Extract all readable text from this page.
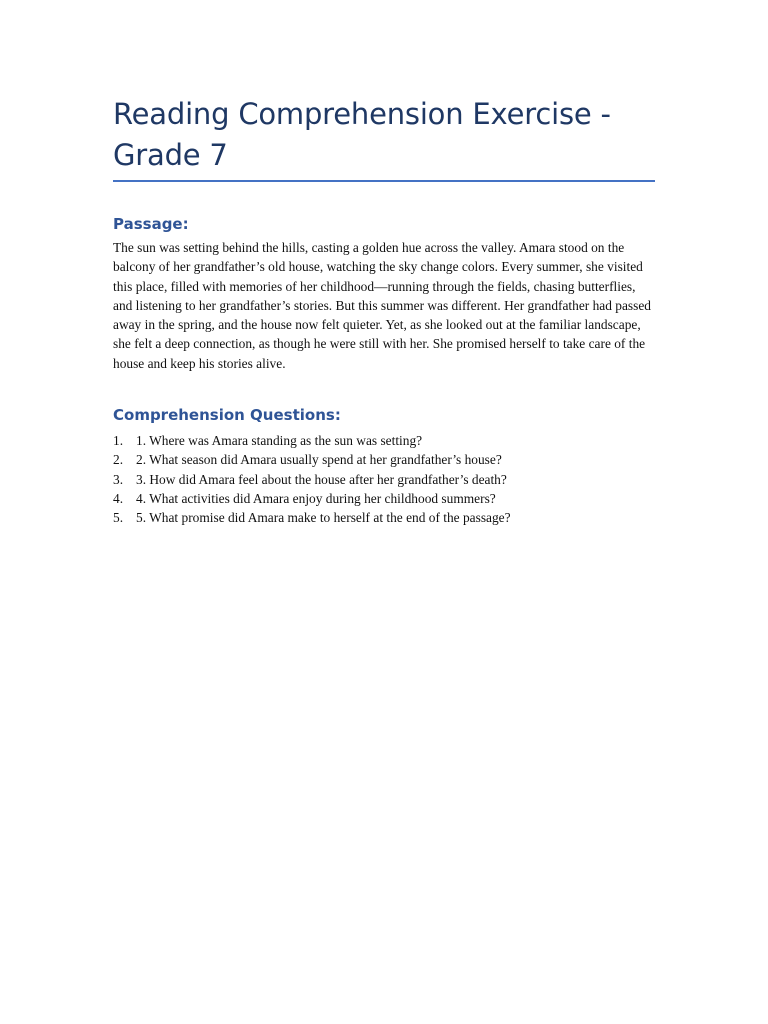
Reading Comprehension Exercise - Grade 7
Passage:

The sun was setting behind the hills, casting a golden hue across the valley. Amara stood on the balcony of her grandfather’s old house, watching the sky change colors. Every summer, she visited this place, filled with memories of her childhood—running through the fields, chasing butterflies, and listening to her grandfather’s stories. But this summer was different. Her grandfather had passed away in the spring, and the house now felt quieter. Yet, as she looked out at the familiar landscape, she felt a deep connection, as though he were still with her. She promised herself to take care of the house and keep his stories alive.

Comprehension Questions:
1. 1. Where was Amara standing as the sun was setting?
2. 2. What season did Amara usually spend at her grandfather’s house?
3. 3. How did Amara feel about the house after her grandfather’s death?
4. 4. What activities did Amara enjoy during her childhood summers?
5. 5. What promise did Amara make to herself at the end of the passage?
